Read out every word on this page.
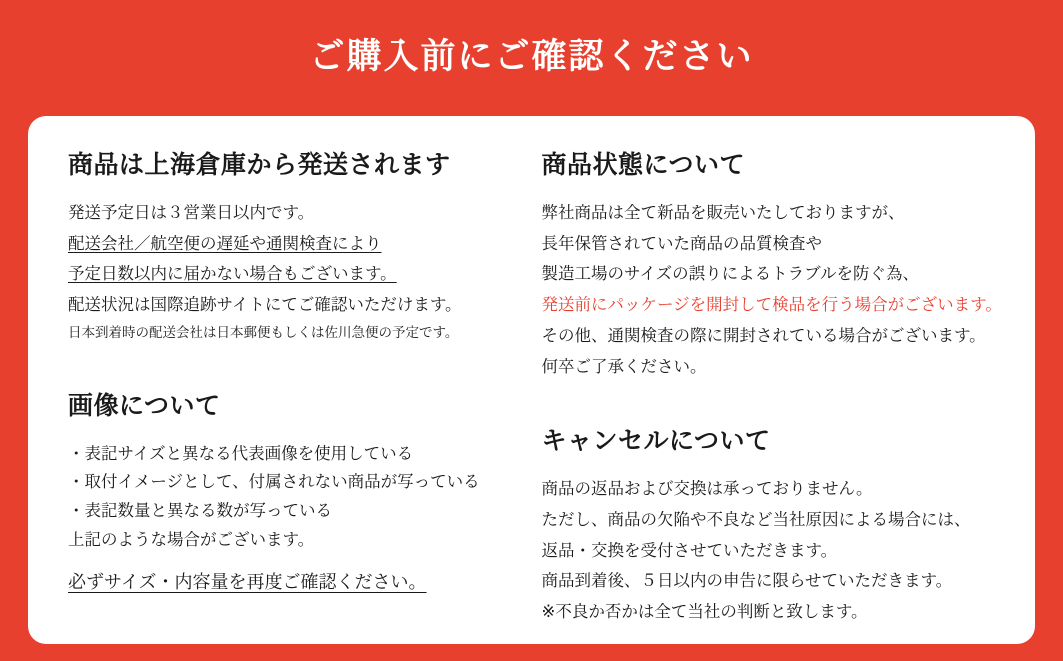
ご購入前にご確認ください
商品は上海倉庫から発送されます

発送予定日は３営業日以内です。

配送会社／航空便の遅延や通関検査により

予定日数以内に届かない場合もございます。

配送状況は国際追跡サイトにてご確認いただけます。

日本到着時の配送会社は日本郵便もしくは佐川急便の予定です。

画像について

・表記サイズと異なる代表画像を使用している

・取付イメージとして、付属されない商品が写っている

・表記数量と異なる数が写っている

上記のような場合がございます。

必ずサイズ・内容量を再度ご確認ください。

商品状態について

弊社商品は全て新品を販売いたしておりますが、

長年保管されていた商品の品質検査や

製造工場のサイズの誤りによるトラブルを防ぐ為、

発送前にパッケージを開封して検品を行う場合がございます。

その他、通関検査の際に開封されている場合がございます。

何卒ご了承ください。

キャンセルについて

商品の返品および交換は承っておりません。

ただし、商品の欠陥や不良など当社原因による場合には、

返品・交換を受付させていただきます。

商品到着後、５日以内の申告に限らせていただきます。

※不良か否かは全て当社の判断と致します。
